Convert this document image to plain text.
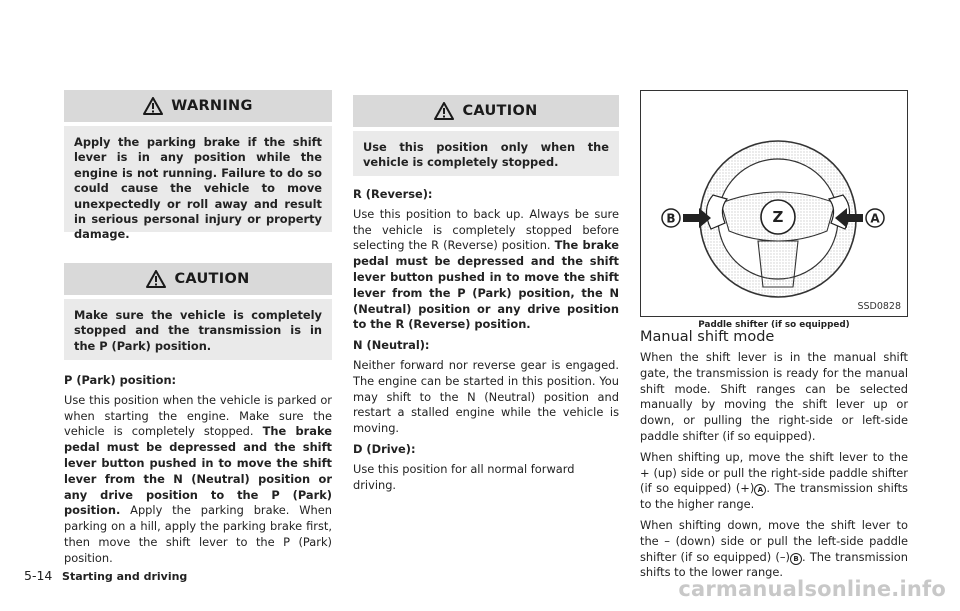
WARNING
Apply the parking brake if the shift lever is in any position while the engine is not running. Failure to do so could cause the vehicle to move unexpectedly or roll away and result in serious personal injury or property damage.
CAUTION
Make sure the vehicle is completely stopped and the transmission is in the P (Park) position.

P (Park) position:

Use this position when the vehicle is parked or when starting the engine. Make sure the vehicle is completely stopped. The brake pedal must be depressed and the shift lever button pushed in to move the shift lever from the N (Neutral) position or any drive position to the P (Park) position. Apply the parking brake. When parking on a hill, apply the parking brake first, then move the shift lever to the P (Park) position.

CAUTION
Use this position only when the vehicle is completely stopped.

R (Reverse):

Use this position to back up. Always be sure the vehicle is completely stopped before selecting the R (Reverse) position. The brake pedal must be depressed and the shift lever button pushed in to move the shift lever from the P (Park) position, the N (Neutral) position or any drive position to the R (Reverse) position.

N (Neutral):

Neither forward nor reverse gear is engaged. The engine can be started in this position. You may shift to the N (Neutral) position and restart a stalled engine while the vehicle is moving.

D (Drive):

Use this position for all normal forward driving.

Z
B	A
SSD0828
Paddle shifter (if so equipped)
Manual shift mode

When the shift lever is in the manual shift gate, the transmission is ready for the manual shift mode. Shift ranges can be selected manually by moving the shift lever up or down, or pulling the right-side or left-side paddle shifter (if so equipped).

When shifting up, move the shift lever to the + (up) side or pull the right-side paddle shifter (if so equipped) (+) A . The transmission shifts to the higher range.

When shifting down, move the shift lever to the – (down) side or pull the left-side paddle shifter (if so equipped) (–) B . The transmission shifts to the lower range.

5-14 Starting and driving
carmanualsonline.info
